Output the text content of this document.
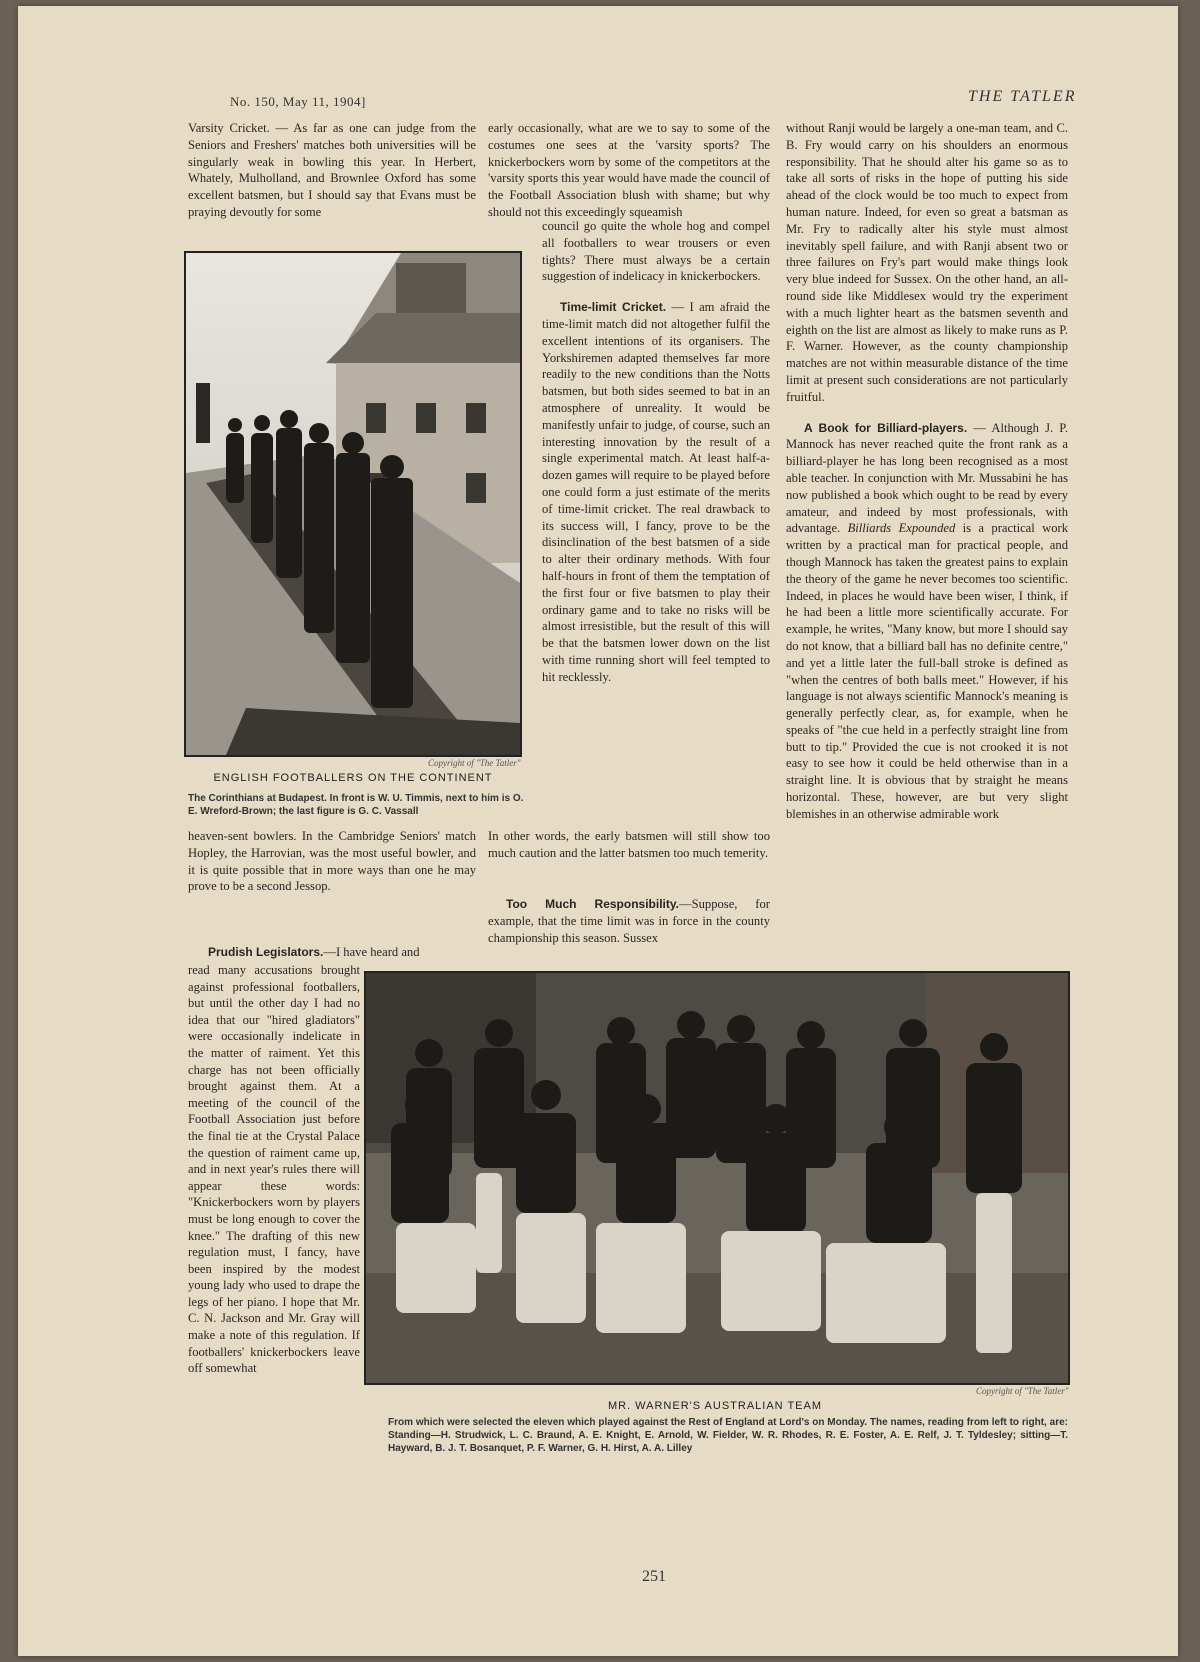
No. 150, May 11, 1904]	THE TATLER

Varsity Cricket. — As far as one can judge from the Seniors and Freshers' matches both universities will be singularly weak in bowling this year. In Herbert, Whately, Mulholland, and Brownlee Oxford has some excellent batsmen, but I should say that Evans must be praying devoutly for some

Copyright of "The Tatler"
ENGLISH FOOTBALLERS ON THE CONTINENT
The Corinthians at Budapest. In front is W. U. Timmis, next to him is O. E. Wreford-Brown; the last figure is G. C. Vassall

heaven-sent bowlers. In the Cambridge Seniors' match Hopley, the Harrovian, was the most useful bowler, and it is quite possible that in more ways than one he may prove to be a second Jessop.

Prudish Legislators.—I have heard and

read many accusations brought against professional footballers, but until the other day I had no idea that our "hired gladiators" were occasionally indelicate in the matter of raiment. Yet this charge has not been officially brought against them. At a meeting of the council of the Football Association just before the final tie at the Crystal Palace the question of raiment came up, and in next year's rules there will appear these words: "Knickerbockers worn by players must be long enough to cover the knee." The drafting of this new regulation must, I fancy, have been inspired by the modest young lady who used to drape the legs of her piano. I hope that Mr. C. N. Jackson and Mr. Gray will make a note of this regulation. If footballers' knickerbockers leave off somewhat

early occasionally, what are we to say to some of the costumes one sees at the 'varsity sports? The knickerbockers worn by some of the competitors at the 'varsity sports this year would have made the council of the Football Association blush with shame; but why should not this exceedingly squeamish

council go quite the whole hog and compel all footballers to wear trousers or even tights? There must always be a certain suggestion of indelicacy in knickerbockers.

Time-limit Cricket. — I am afraid the time-limit match did not altogether fulfil the excellent intentions of its organisers. The Yorkshiremen adapted themselves far more readily to the new conditions than the Notts batsmen, but both sides seemed to bat in an atmosphere of unreality. It would be manifestly unfair to judge, of course, such an interesting innovation by the result of a single experimental match. At least half-a-dozen games will require to be played before one could form a just estimate of the merits of time-limit cricket. The real drawback to its success will, I fancy, prove to be the disinclination of the best batsmen of a side to alter their ordinary methods. With four half-hours in front of them the temptation of the first four or five batsmen to play their ordinary game and to take no risks will be almost irresistible, but the result of this will be that the batsmen lower down on the list with time running short will feel tempted to hit recklessly.

In other words, the early batsmen will still show too much caution and the latter batsmen too much temerity.

Too Much Responsibility.—Suppose, for example, that the time limit was in force in the county championship this season. Sussex

without Ranji would be largely a one-man team, and C. B. Fry would carry on his shoulders an enormous responsibility. That he should alter his game so as to take all sorts of risks in the hope of putting his side ahead of the clock would be too much to expect from human nature. Indeed, for even so great a batsman as Mr. Fry to radically alter his style must almost inevitably spell failure, and with Ranji absent two or three failures on Fry's part would make things look very blue indeed for Sussex. On the other hand, an all-round side like Middlesex would try the experiment with a much lighter heart as the batsmen seventh and eighth on the list are almost as likely to make runs as P. F. Warner. However, as the county championship matches are not within measurable distance of the time limit at present such considerations are not particularly fruitful.

A Book for Billiard-players. — Although J. P. Mannock has never reached quite the front rank as a billiard-player he has long been recognised as a most able teacher. In conjunction with Mr. Mussabini he has now published a book which ought to be read by every amateur, and indeed by most professionals, with advantage. Billiards Expounded is a practical work written by a practical man for practical people, and though Mannock has taken the greatest pains to explain the theory of the game he never becomes too scientific. Indeed, in places he would have been wiser, I think, if he had been a little more scientifically accurate. For example, he writes, "Many know, but more I should say do not know, that a billiard ball has no definite centre," and yet a little later the full-ball stroke is defined as "when the centres of both balls meet." However, if his language is not always scientific Mannock's meaning is generally perfectly clear, as, for example, when he speaks of "the cue held in a perfectly straight line from butt to tip." Provided the cue is not crooked it is not easy to see how it could be held otherwise than in a straight line. It is obvious that by straight he means horizontal. These, however, are but very slight blemishes in an otherwise admirable work

Copyright of "The Tatler"
MR. WARNER'S AUSTRALIAN TEAM
From which were selected the eleven which played against the Rest of England at Lord's on Monday. The names, reading from left to right, are: Standing—H. Strudwick, L. C. Braund, A. E. Knight, E. Arnold, W. Fielder, W. R. Rhodes, R. E. Foster, A. E. Relf, J. T. Tyldesley; sitting—T. Hayward, B. J. T. Bosanquet, P. F. Warner, G. H. Hirst, A. A. Lilley
251
